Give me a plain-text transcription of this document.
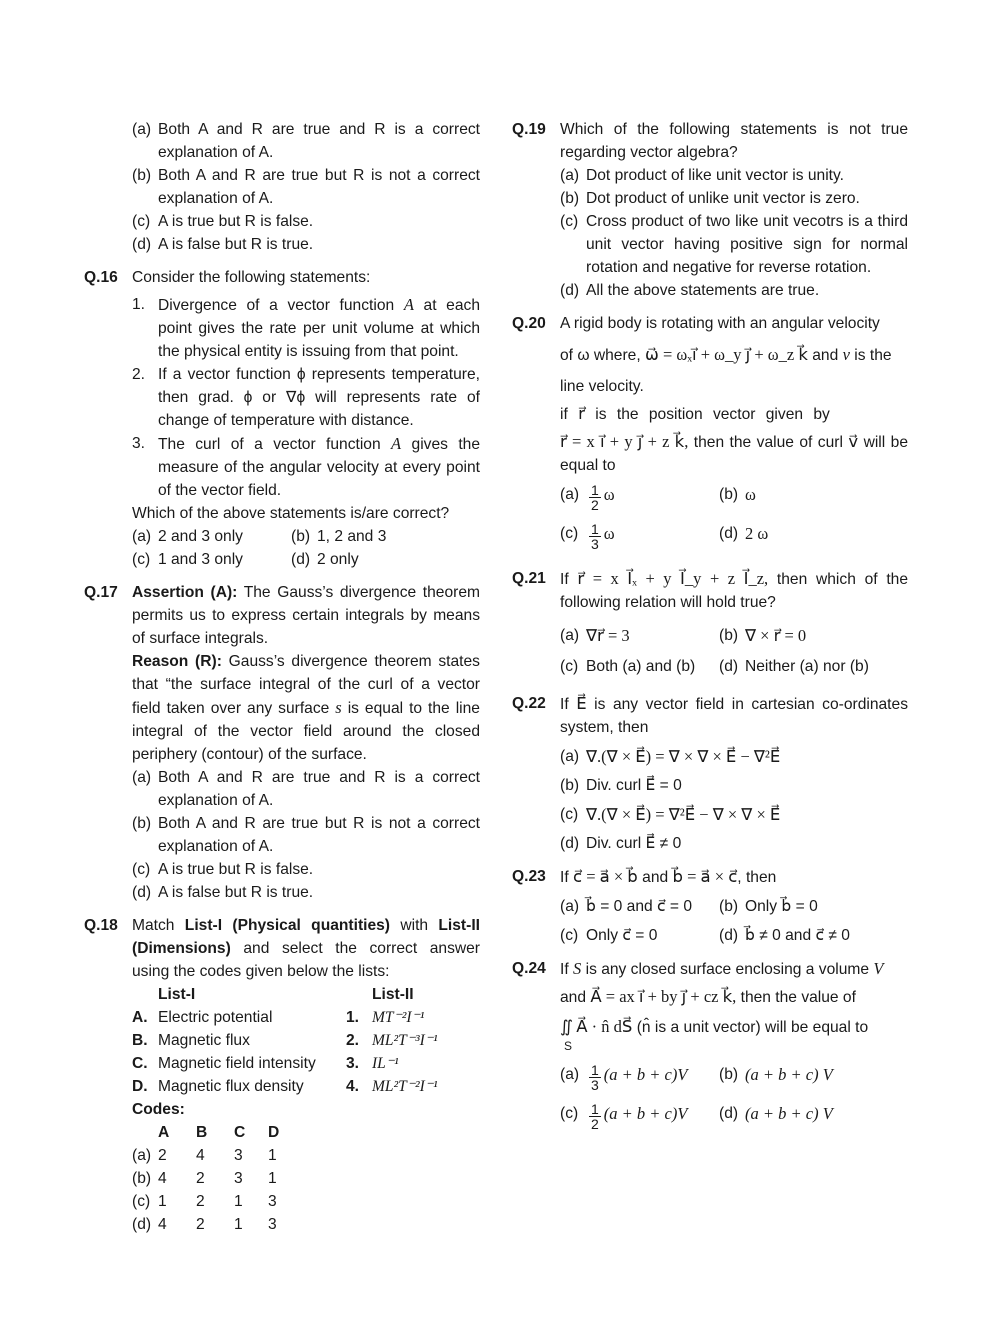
(a) Both A and R are true and R is a correct explanation of A.
(b) Both A and R are true but R is not a correct explanation of A.
(c) A is true but R is false.
(d) A is false but R is true.
Q.16 Consider the following statements:
1. Divergence of a vector function A at each point gives the rate per unit volume at which the physical entity is issuing from that point.
2. If a vector function ϕ represents temperature, then grad. ϕ or ∇ϕ will represents rate of change of temperature with distance.
3. The curl of a vector function A gives the measure of the angular velocity at every point of the vector field.
Which of the above statements is/are correct?
(a) 2 and 3 only	(b) 1, 2 and 3
(c) 1 and 3 only	(d) 2 only
Q.17 Assertion (A): The Gauss’s divergence theorem permits us to express certain integrals by means of surface integrals.
Reason (R): Gauss’s divergence theorem states that “the surface integral of the curl of a vector field taken over any surface s is equal to the line integral of the vector field around the closed periphery (contour) of the surface.
(a) Both A and R are true and R is a correct explanation of A.
(b) Both A and R are true but R is not a correct explanation of A.
(c) A is true but R is false.
(d) A is false but R is true.
Q.18 Match List-I (Physical quantities) with List-II (Dimensions) and select the correct answer using the codes given below the lists:
List-I	List-II
A. Electric potential	1. MT⁻²I⁻¹
B. Magnetic flux	2. ML²T⁻³I⁻¹
C. Magnetic field intensity	3. IL⁻¹
D. Magnetic flux density	4. ML²T⁻²I⁻¹
Codes:
A	B	C	D
(a) 2	4	3	1
(b) 4	2	3	1
(c) 1	2	1	3
(d) 4	2	1	3
Q.19 Which of the following statements is not true regarding vector algebra?
(a) Dot product of like unit vector is unity.
(b) Dot product of unlike unit vector is zero.
(c) Cross product of two like unit vecotrs is a third unit vector having positive sign for normal rotation and negative for reverse rotation.
(d) All the above statements are true.
Q.20 A rigid body is rotating with an angular velocity
of ω where, ω⃗ = ωₓi⃗ + ω_y j⃗ + ω_z k⃗ and v is the
line velocity.
if r⃗ is the position vector given by
r⃗ = x i⃗ + y j⃗ + z k⃗, then the value of curl v⃗ will be equal to
$(a) \frac{1}{2}$ ω	(b) ω
$(c) \frac{1}{3}$ ω	(d) 2 ω
Q.21 If r⃗ = x I⃗ₓ + y I⃗_y + z I⃗_z, then which of the following relation will hold true?
(a) ∇r⃗ = 3	(b) ∇ × r⃗ = 0
(c) Both (a) and (b) (d) Neither (a) nor (b)
Q.22 If E⃗ is any vector field in cartesian co-ordinates system, then
(a) ∇.(∇ × E⃗) = ∇ × ∇ × E⃗ − ∇²E⃗
(b) Div. curl E⃗ = 0
(c) ∇.(∇ × E⃗) = ∇²E⃗ − ∇ × ∇ × E⃗
(d) Div. curl E⃗ ≠ 0
Q.23 If c⃗ = a⃗ × b⃗ and b⃗ = a⃗ × c⃗, then
(a) b⃗ = 0 and c⃗ = 0 (b) Only b⃗ = 0
(c) Only c⃗ = 0	(d) b⃗ ≠ 0 and c⃗ ≠ 0
Q.24 If S is any closed surface enclosing a volume V
and A⃗ = ax i⃗ + by j⃗ + cz k⃗, then the value of
∬ A⃗ · n̂ dS⃗ (n̂ is a unit vector) will be equal to
S
$(a) \frac{1}{3} (a + b + c)V$ (b) (a + b + c) V
$(c) \frac{1}{2} (a + b + c)V$ (d) (a + b + c) V
